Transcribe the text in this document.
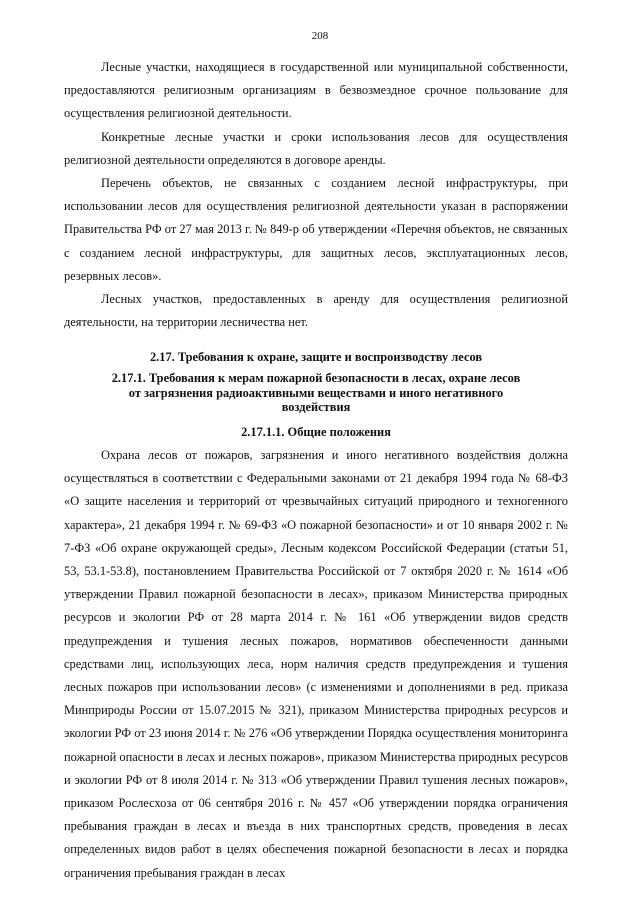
208

Лесные участки, находящиеся в государственной или муниципальной собственности, предоставляются религиозным организациям в безвозмездное срочное пользование для осуществления религиозной деятельности.

Конкретные лесные участки и сроки использования лесов для осуществления религиозной деятельности определяются в договоре аренды.

Перечень объектов, не связанных с созданием лесной инфраструктуры, при использовании лесов для осуществления религиозной деятельности указан в распоряжении Правительства РФ от 27 мая 2013 г. № 849-р об утверждении «Перечня объектов, не связанных с созданием лесной инфраструктуры, для защитных лесов, эксплуатационных лесов, резервных лесов».

Лесных участков, предоставленных в аренду для осуществления религиозной деятельности, на территории лесничества нет.

2.17. Требования к охране, защите и воспроизводству лесов
2.17.1. Требования к мерам пожарной безопасности в лесах, охране лесов
от загрязнения радиоактивными веществами и иного негативного
воздействия
2.17.1.1. Общие положения

Охрана лесов от пожаров, загрязнения и иного негативного воздействия должна осуществляться в соответствии с Федеральными законами от 21 декабря 1994 года № 68-ФЗ «О защите населения и территорий от чрезвычайных ситуаций природного и техногенного характера», 21 декабря 1994 г. № 69-ФЗ «О пожарной безопасности» и от 10 января 2002 г. № 7-ФЗ «Об охране окружающей среды», Лесным кодексом Российской Федерации (статьи 51, 53, 53.1-53.8), постановлением Правительства Российской от 7 октября 2020 г. № 1614 «Об утверждении Правил пожарной безопасности в лесах», приказом Министерства природных ресурсов и экологии РФ от 28 марта 2014 г. № 161 «Об утверждении видов средств предупреждения и тушения лесных пожаров, нормативов обеспеченности данными средствами лиц, использующих леса, норм наличия средств предупреждения и тушения лесных пожаров при использовании лесов» (с изменениями и дополнениями в ред. приказа Минприроды России от 15.07.2015 № 321), приказом Министерства природных ресурсов и экологии РФ от 23 июня 2014 г. № 276 «Об утверждении Порядка осуществления мониторинга пожарной опасности в лесах и лесных пожаров», приказом Министерства природных ресурсов и экологии РФ от 8 июля 2014 г. № 313 «Об утверждении Правил тушения лесных пожаров», приказом Рослесхоза от 06 сентября 2016 г. № 457 «Об утверждении порядка ограничения пребывания граждан в лесах и въезда в них транспортных средств, проведения в лесах определенных видов работ в целях обеспечения пожарной безопасности в лесах и порядка ограничения пребывания граждан в лесах
